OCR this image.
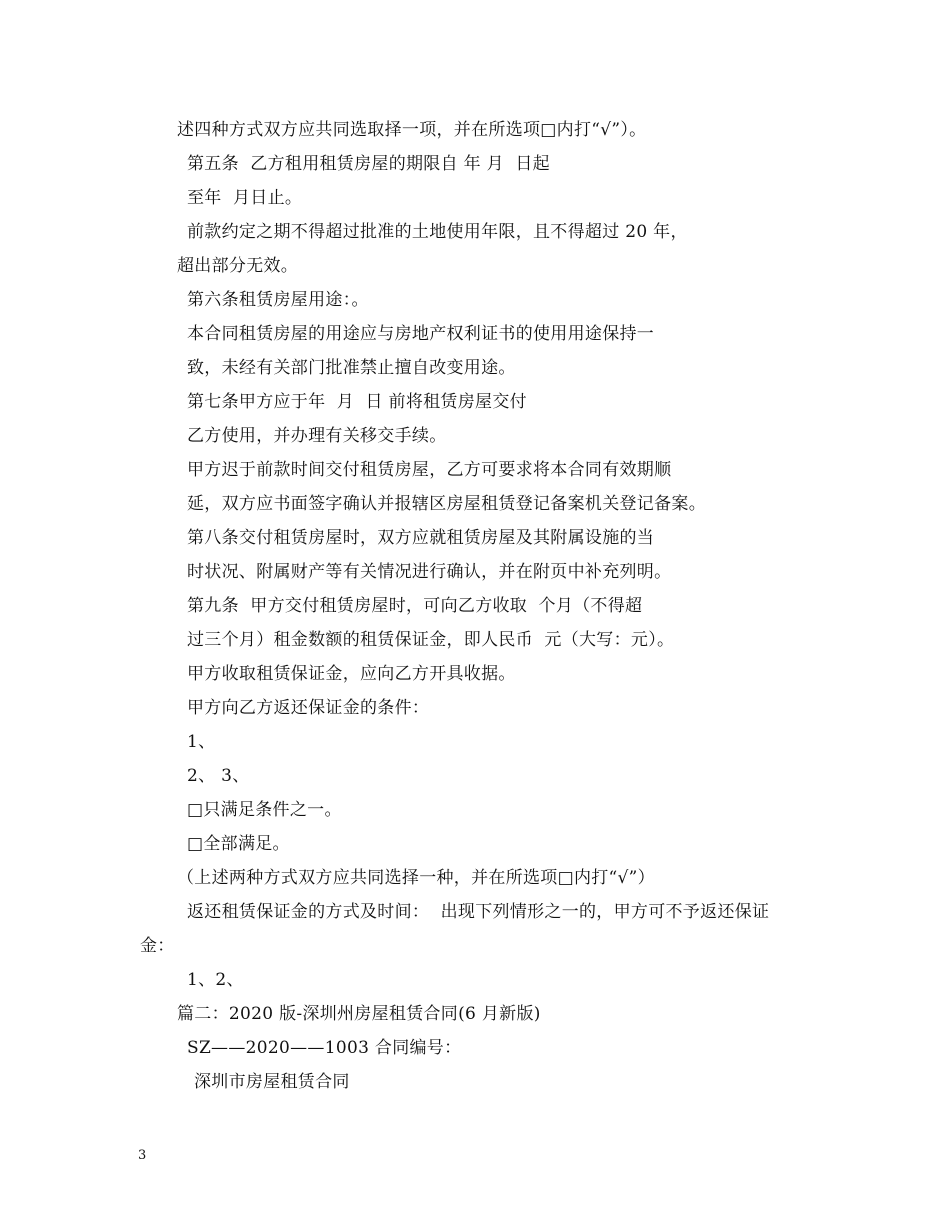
述四种方式双方应共同选取择一项，并在所选项□内打“√”）。
第五条  乙方租用租赁房屋的期限自 年 月  日起
至年  月日止。
前款约定之期不得超过批准的土地使用年限，且不得超过 20 年，
超出部分无效。
第六条租赁房屋用途：。
本合同租赁房屋的用途应与房地产权利证书的使用用途保持一
致，未经有关部门批准禁止擅自改变用途。
第七条甲方应于年  月  日 前将租赁房屋交付
乙方使用，并办理有关移交手续。
甲方迟于前款时间交付租赁房屋，乙方可要求将本合同有效期顺
延，双方应书面签字确认并报辖区房屋租赁登记备案机关登记备案。
第八条交付租赁房屋时，双方应就租赁房屋及其附属设施的当
时状况、附属财产等有关情况进行确认，并在附页中补充列明。
第九条  甲方交付租赁房屋时，可向乙方收取  个月（不得超
过三个月）租金数额的租赁保证金，即人民币  元（大写：元）。
甲方收取租赁保证金，应向乙方开具收据。
甲方向乙方返还保证金的条件：
1、
2、 3、
□只满足条件之一。
□全部满足。
（上述两种方式双方应共同选择一种，并在所选项□内打“√”）
返还租赁保证金的方式及时间：  出现下列情形之一的，甲方可不予返还保证
金：
1、2、
篇二：2020 版-深圳州房屋租赁合同(6 月新版)
SZ——2020——1003 合同编号：
深圳市房屋租赁合同
3
